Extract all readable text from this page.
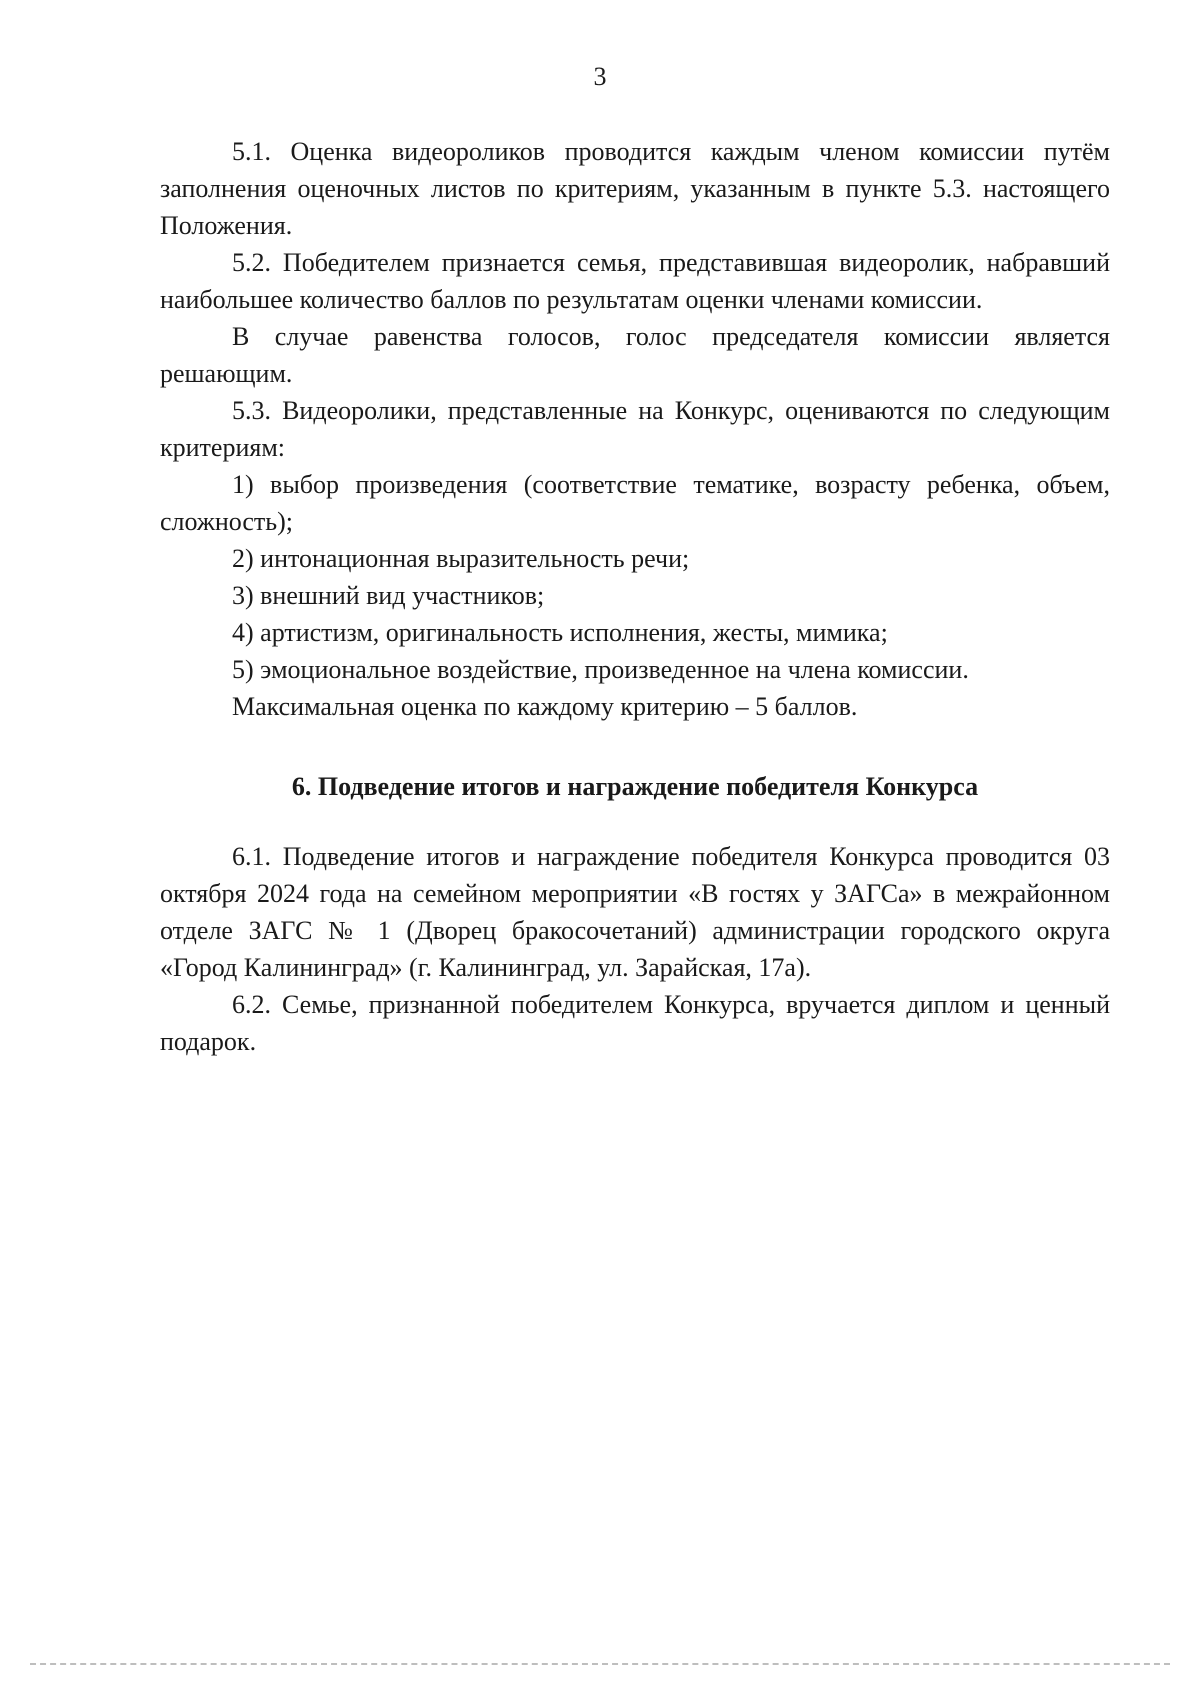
3

5.1. Оценка видеороликов проводится каждым членом комиссии путём заполнения оценочных листов по критериям, указанным в пункте 5.3. настоящего Положения.

5.2. Победителем признается семья, представившая видеоролик, набравший наибольшее количество баллов по результатам оценки членами комиссии.

В случае равенства голосов, голос председателя комиссии является решающим.

5.3. Видеоролики, представленные на Конкурс, оцениваются по следующим критериям:

1) выбор произведения (соответствие тематике, возрасту ребенка, объем, сложность);

2) интонационная выразительность речи;

3) внешний вид участников;

4) артистизм, оригинальность исполнения, жесты, мимика;

5) эмоциональное воздействие, произведенное на члена комиссии.

Максимальная оценка по каждому критерию – 5 баллов.

6. Подведение итогов и награждение победителя Конкурса

6.1. Подведение итогов и награждение победителя Конкурса проводится 03 октября 2024 года на семейном мероприятии «В гостях у ЗАГСа» в межрайонном отделе ЗАГС № 1 (Дворец бракосочетаний) администрации городского округа «Город Калининград» (г. Калининград, ул. Зарайская, 17а).

6.2. Семье, признанной победителем Конкурса, вручается диплом и ценный подарок.
